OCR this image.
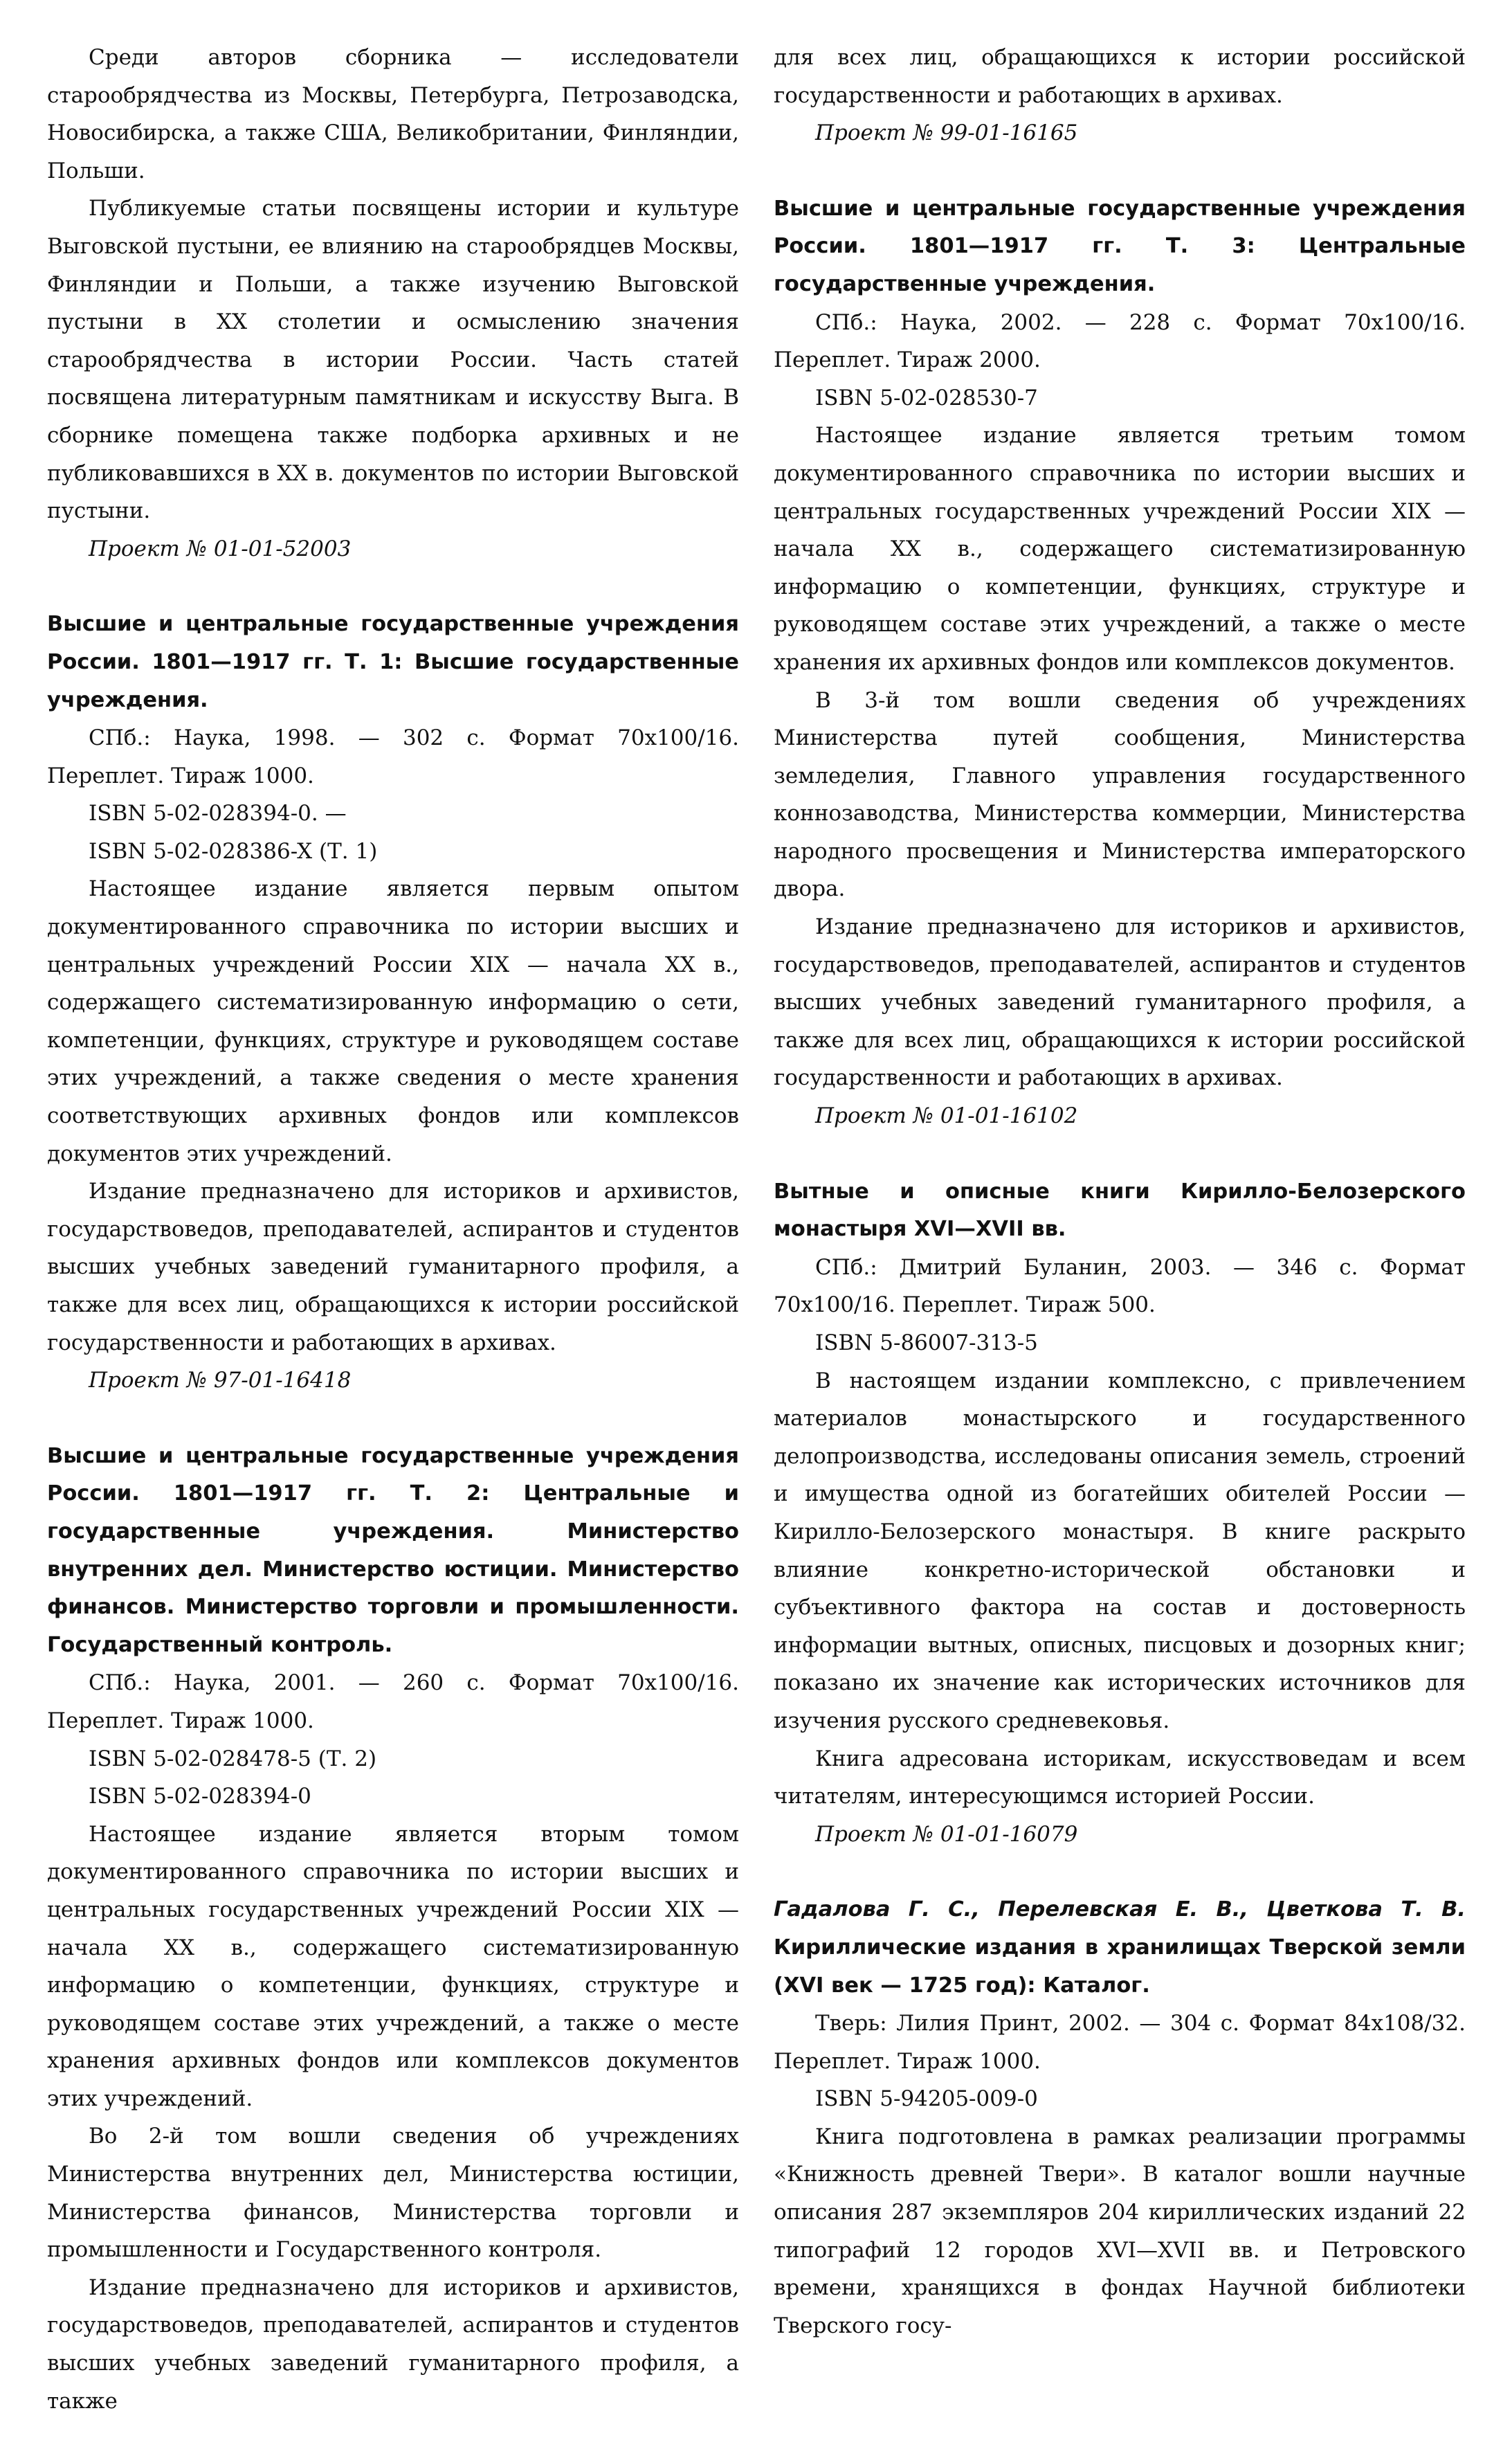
Среди авторов сборника — исследователи старообрядчества из Москвы, Петербурга, Петрозаводска, Новосибирска, а также США, Великобритании, Финляндии, Польши.

Публикуемые статьи посвящены истории и культуре Выговской пустыни, ее влиянию на старообрядцев Москвы, Финляндии и Польши, а также изучению Выговской пустыни в XX столетии и осмыслению значения старообрядчества в истории России. Часть статей посвящена литературным памятникам и искусству Выга. В сборнике помещена также подборка архивных и не публиковавшихся в XX в. документов по истории Выговской пустыни.

Проект № 01-01-52003

Высшие и центральные государственные учреждения России. 1801—1917 гг. Т. 1: Высшие государственные учреждения.

СПб.: Наука, 1998. — 302 с. Формат 70х100/16. Переплет. Тираж 1000.

ISBN 5-02-028394-0. —

ISBN 5-02-028386-X (Т. 1)

Настоящее издание является первым опытом документированного справочника по истории высших и центральных учреждений России XIX — начала XX в., содержащего систематизированную информацию о сети, компетенции, функциях, структуре и руководящем составе этих учреждений, а также сведения о месте хранения соответствующих архивных фондов или комплексов документов этих учреждений.

Издание предназначено для историков и архивистов, государствоведов, преподавателей, аспирантов и студентов высших учебных заведений гуманитарного профиля, а также для всех лиц, обращающихся к истории российской государственности и работающих в архивах.

Проект № 97-01-16418

Высшие и центральные государственные учреждения России. 1801—1917 гг. Т. 2: Центральные и государственные учреждения. Министерство внутренних дел. Министерство юстиции. Министерство финансов. Министерство торговли и промышленности. Государственный контроль.

СПб.: Наука, 2001. — 260 с. Формат 70х100/16. Переплет. Тираж 1000.

ISBN 5-02-028478-5 (Т. 2)

ISBN 5-02-028394-0

Настоящее издание является вторым томом документированного справочника по истории высших и центральных государственных учреждений России XIX — начала XX в., содержащего систематизированную информацию о компетенции, функциях, структуре и руководящем составе этих учреждений, а также о месте хранения архивных фондов или комплексов документов этих учреждений.

Во 2-й том вошли сведения об учреждениях Министерства внутренних дел, Министерства юстиции, Министерства финансов, Министерства торговли и промышленности и Государственного контроля.

Издание предназначено для историков и архивистов, государствоведов, преподавателей, аспирантов и студентов высших учебных заведений гуманитарного профиля, а также

для всех лиц, обращающихся к истории российской государственности и работающих в архивах.

Проект № 99-01-16165

Высшие и центральные государственные учреждения России. 1801—1917 гг. Т. 3: Центральные государственные учреждения.

СПб.: Наука, 2002. — 228 с. Формат 70х100/16. Переплет. Тираж 2000.

ISBN 5-02-028530-7

Настоящее издание является третьим томом документированного справочника по истории высших и центральных государственных учреждений России XIX — начала XX в., содержащего систематизированную информацию о компетенции, функциях, структуре и руководящем составе этих учреждений, а также о месте хранения их архивных фондов или комплексов документов.

В 3-й том вошли сведения об учреждениях Министерства путей сообщения, Министерства земледелия, Главного управления государственного коннозаводства, Министерства коммерции, Министерства народного просвещения и Министерства императорского двора.

Издание предназначено для историков и архивистов, государствоведов, преподавателей, аспирантов и студентов высших учебных заведений гуманитарного профиля, а также для всех лиц, обращающихся к истории российской государственности и работающих в архивах.

Проект № 01-01-16102

Вытные и описные книги Кирилло-Белозерского монастыря XVI—XVII вв.

СПб.: Дмитрий Буланин, 2003. — 346 с. Формат 70х100/16. Переплет. Тираж 500.

ISBN 5-86007-313-5

В настоящем издании комплексно, с привлечением материалов монастырского и государственного делопроизводства, исследованы описания земель, строений и имущества одной из богатейших обителей России — Кирилло-Белозерского монастыря. В книге раскрыто влияние конкретно-исторической обстановки и субъективного фактора на состав и достоверность информации вытных, описных, писцовых и дозорных книг; показано их значение как исторических источников для изучения русского средневековья.

Книга адресована историкам, искусствоведам и всем читателям, интересующимся историей России.

Проект № 01-01-16079

Гадалова Г. С., Перелевская Е. В., Цветкова Т. В. Кириллические издания в хранилищах Тверской земли (XVI век — 1725 год): Каталог.

Тверь: Лилия Принт, 2002. — 304 с. Формат 84х108/32. Переплет. Тираж 1000.

ISBN 5-94205-009-0

Книга подготовлена в рамках реализации программы «Книжность древней Твери». В каталог вошли научные описания 287 экземпляров 204 кириллических изданий 22 типографий 12 городов XVI—XVII вв. и Петровского времени, хранящихся в фондах Научной библиотеки Тверского госу-
